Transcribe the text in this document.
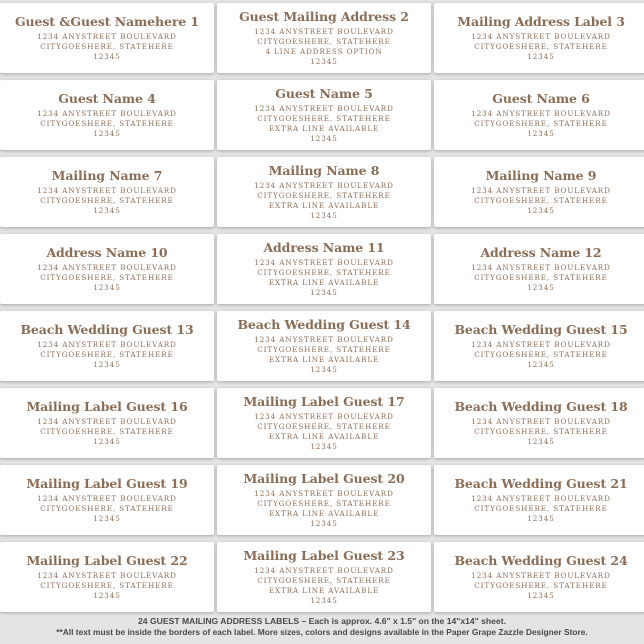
Guest &Guest Namehere 1
1234 ANYSTREET BOULEVARD
CITYGOESHERE, STATEHERE
12345
Guest Mailing Address 2
1234 ANYSTREET BOULEVARD
CITYGOESHERE, STATEHERE
4 LINE ADDRESS OPTION
12345
Mailing Address Label 3
1234 ANYSTREET BOULEVARD
CITYGOESHERE, STATEHERE
12345
Guest Name 4
1234 ANYSTREET BOULEVARD
CITYGOESHERE, STATEHERE
12345
Guest Name 5
1234 ANYSTREET BOULEVARD
CITYGOESHERE, STATEHERE
EXTRA LINE AVAILABLE
12345
Guest Name 6
1234 ANYSTREET BOULEVARD
CITYGOESHERE, STATEHERE
12345
Mailing Name 7
1234 ANYSTREET BOULEVARD
CITYGOESHERE, STATEHERE
12345
Mailing Name 8
1234 ANYSTREET BOULEVARD
CITYGOESHERE, STATEHERE
EXTRA LINE AVAILABLE
12345
Mailing Name 9
1234 ANYSTREET BOULEVARD
CITYGOESHERE, STATEHERE
12345
Address Name 10
1234 ANYSTREET BOULEVARD
CITYGOESHERE, STATEHERE
12345
Address Name 11
1234 ANYSTREET BOULEVARD
CITYGOESHERE, STATEHERE
EXTRA LINE AVAILABLE
12345
Address Name 12
1234 ANYSTREET BOULEVARD
CITYGOESHERE, STATEHERE
12345
Beach Wedding Guest 13
1234 ANYSTREET BOULEVARD
CITYGOESHERE, STATEHERE
12345
Beach Wedding Guest 14
1234 ANYSTREET BOULEVARD
CITYGOESHERE, STATEHERE
EXTRA LINE AVAILABLE
12345
Beach Wedding Guest 15
1234 ANYSTREET BOULEVARD
CITYGOESHERE, STATEHERE
12345
Mailing Label Guest 16
1234 ANYSTREET BOULEVARD
CITYGOESHERE, STATEHERE
12345
Mailing Label Guest 17
1234 ANYSTREET BOULEVARD
CITYGOESHERE, STATEHERE
EXTRA LINE AVAILABLE
12345
Beach Wedding Guest 18
1234 ANYSTREET BOULEVARD
CITYGOESHERE, STATEHERE
12345
Mailing Label Guest 19
1234 ANYSTREET BOULEVARD
CITYGOESHERE, STATEHERE
12345
Mailing Label Guest 20
1234 ANYSTREET BOULEVARD
CITYGOESHERE, STATEHERE
EXTRA LINE AVAILABLE
12345
Beach Wedding Guest 21
1234 ANYSTREET BOULEVARD
CITYGOESHERE, STATEHERE
12345
Mailing Label Guest 22
1234 ANYSTREET BOULEVARD
CITYGOESHERE, STATEHERE
12345
Mailing Label Guest 23
1234 ANYSTREET BOULEVARD
CITYGOESHERE, STATEHERE
EXTRA LINE AVAILABLE
12345
Beach Wedding Guest 24
1234 ANYSTREET BOULEVARD
CITYGOESHERE, STATEHERE
12345
24 GUEST MAILING ADDRESS LABELS – Each is approx. 4.6" x 1.5" on the 14"x14" sheet.
**All text must be inside the borders of each label. More sizes, colors and designs available in the Paper Grape Zazzle Designer Store.
